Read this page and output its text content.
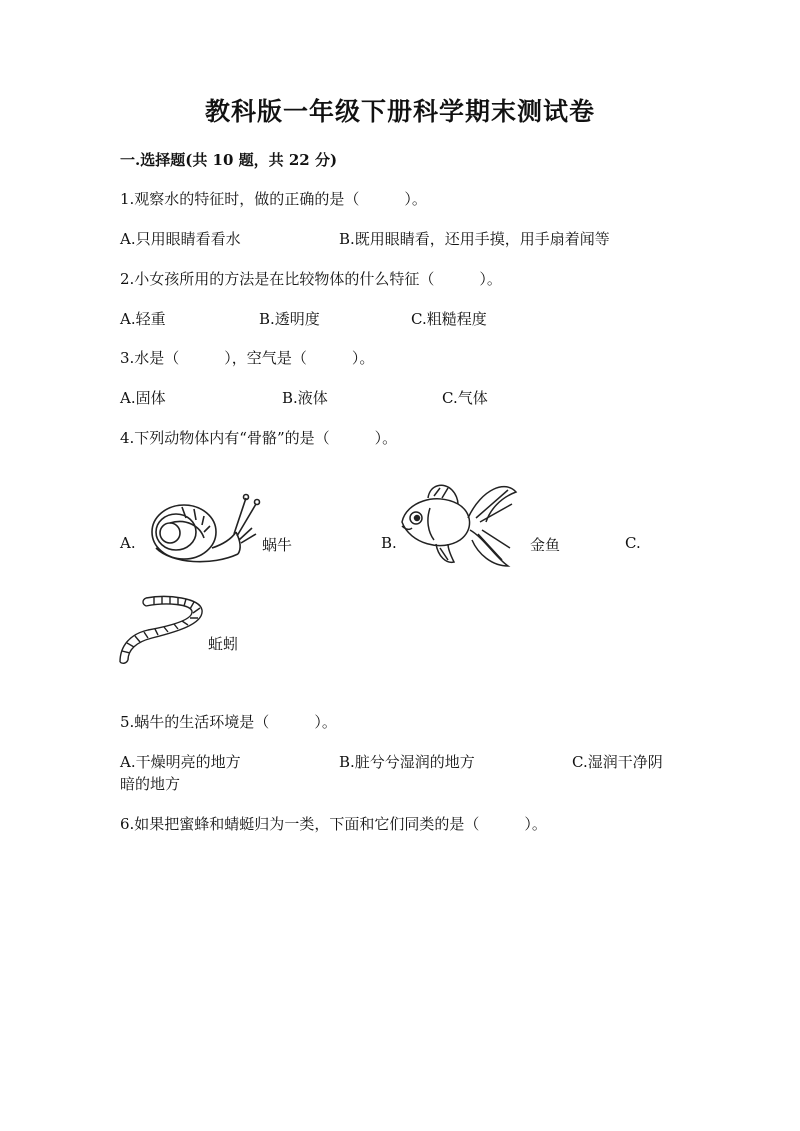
教科版一年级下册科学期末测试卷
一.选择题(共 10 题，共 22 分)
1.观察水的特征时，做的正确的是（　　　）。
A.只用眼睛看看水	B.既用眼睛看，还用手摸，用手扇着闻等
2.小女孩所用的方法是在比较物体的什么特征（　　　）。
A.轻重	B.透明度	C.粗糙程度
3.水是（　　　），空气是（　　　）。
A.固体	B.液体	C.气体
4.下列动物体内有“骨骼”的是（　　　）。
A.	蜗牛	B.	金鱼	C.
蚯蚓
5.蜗牛的生活环境是（　　　）。
A.干燥明亮的地方	B.脏兮兮湿润的地方	C.湿润干净阴
暗的地方
6.如果把蜜蜂和蜻蜓归为一类，下面和它们同类的是（　　　）。
